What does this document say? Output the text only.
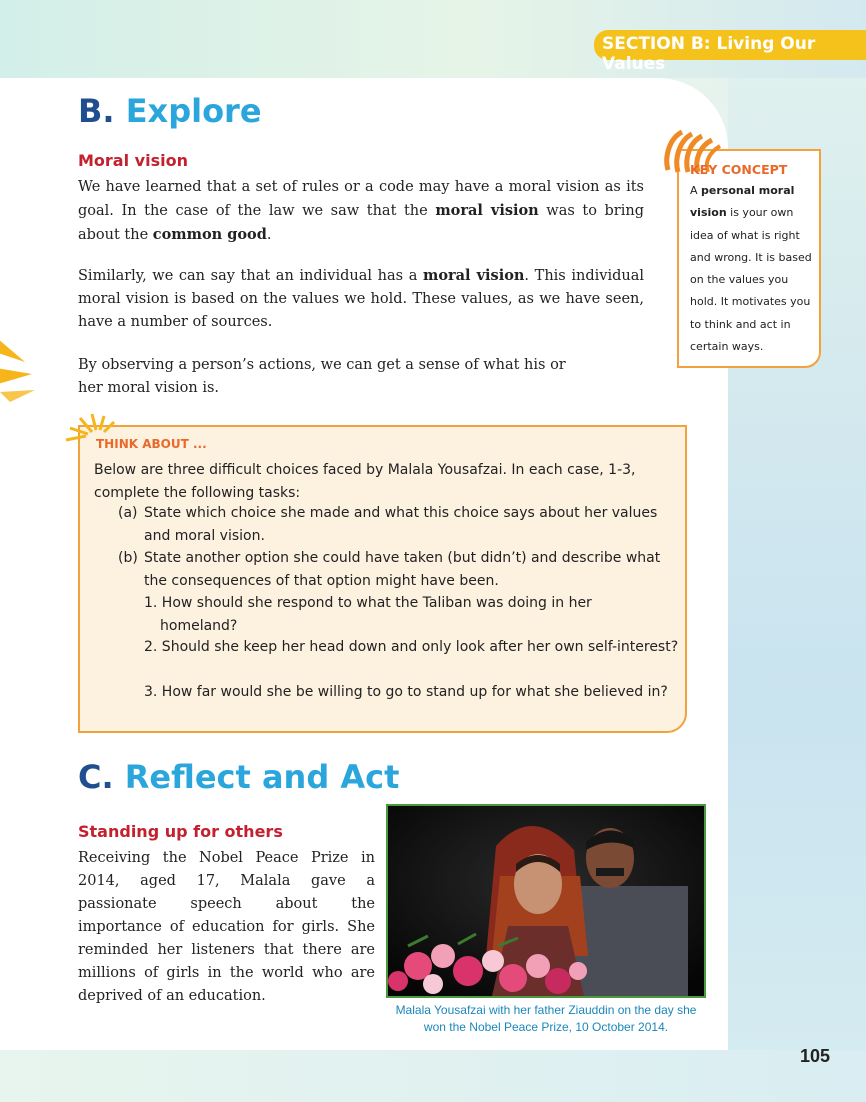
SECTION B: Living Our Values
B. Explore
Moral vision

We have learned that a set of rules or a code may have a moral vision as its goal. In the case of the law we saw that the moral vision was to bring about the common good.

Similarly, we can say that an individual has a moral vision. This individual moral vision is based on the values we hold. These values, as we have seen, have a number of sources.

By observing a person’s actions, we can get a sense of what his or
her moral vision is.

KEY CONCEPT

A personal moral vision is your own idea of what is right and wrong. It is based on the values you hold. It motivates you to think and act in certain ways.

THINK ABOUT ...

Below are three difficult choices faced by Malala Yousafzai. In each case, 1-3, complete the following tasks:

(a) State which choice she made and what this choice says about her values and moral vision.

(b) State another option she could have taken (but didn’t) and describe what the consequences of that option might have been.

1. How should she respond to what the Taliban was doing in her homeland?

2. Should she keep her head down and only look after her own self-interest?

3. How far would she be willing to go to stand up for what she believed in?

C. Reflect and Act
Standing up for others

Receiving the Nobel Peace Prize in 2014, aged 17, Malala gave a passionate speech about the importance of education for girls. She reminded her listeners that there are millions of girls in the world who are deprived of an education.

Malala Yousafzai with her father Ziauddin on the day she won the Nobel Peace Prize, 10 October 2014.

105
